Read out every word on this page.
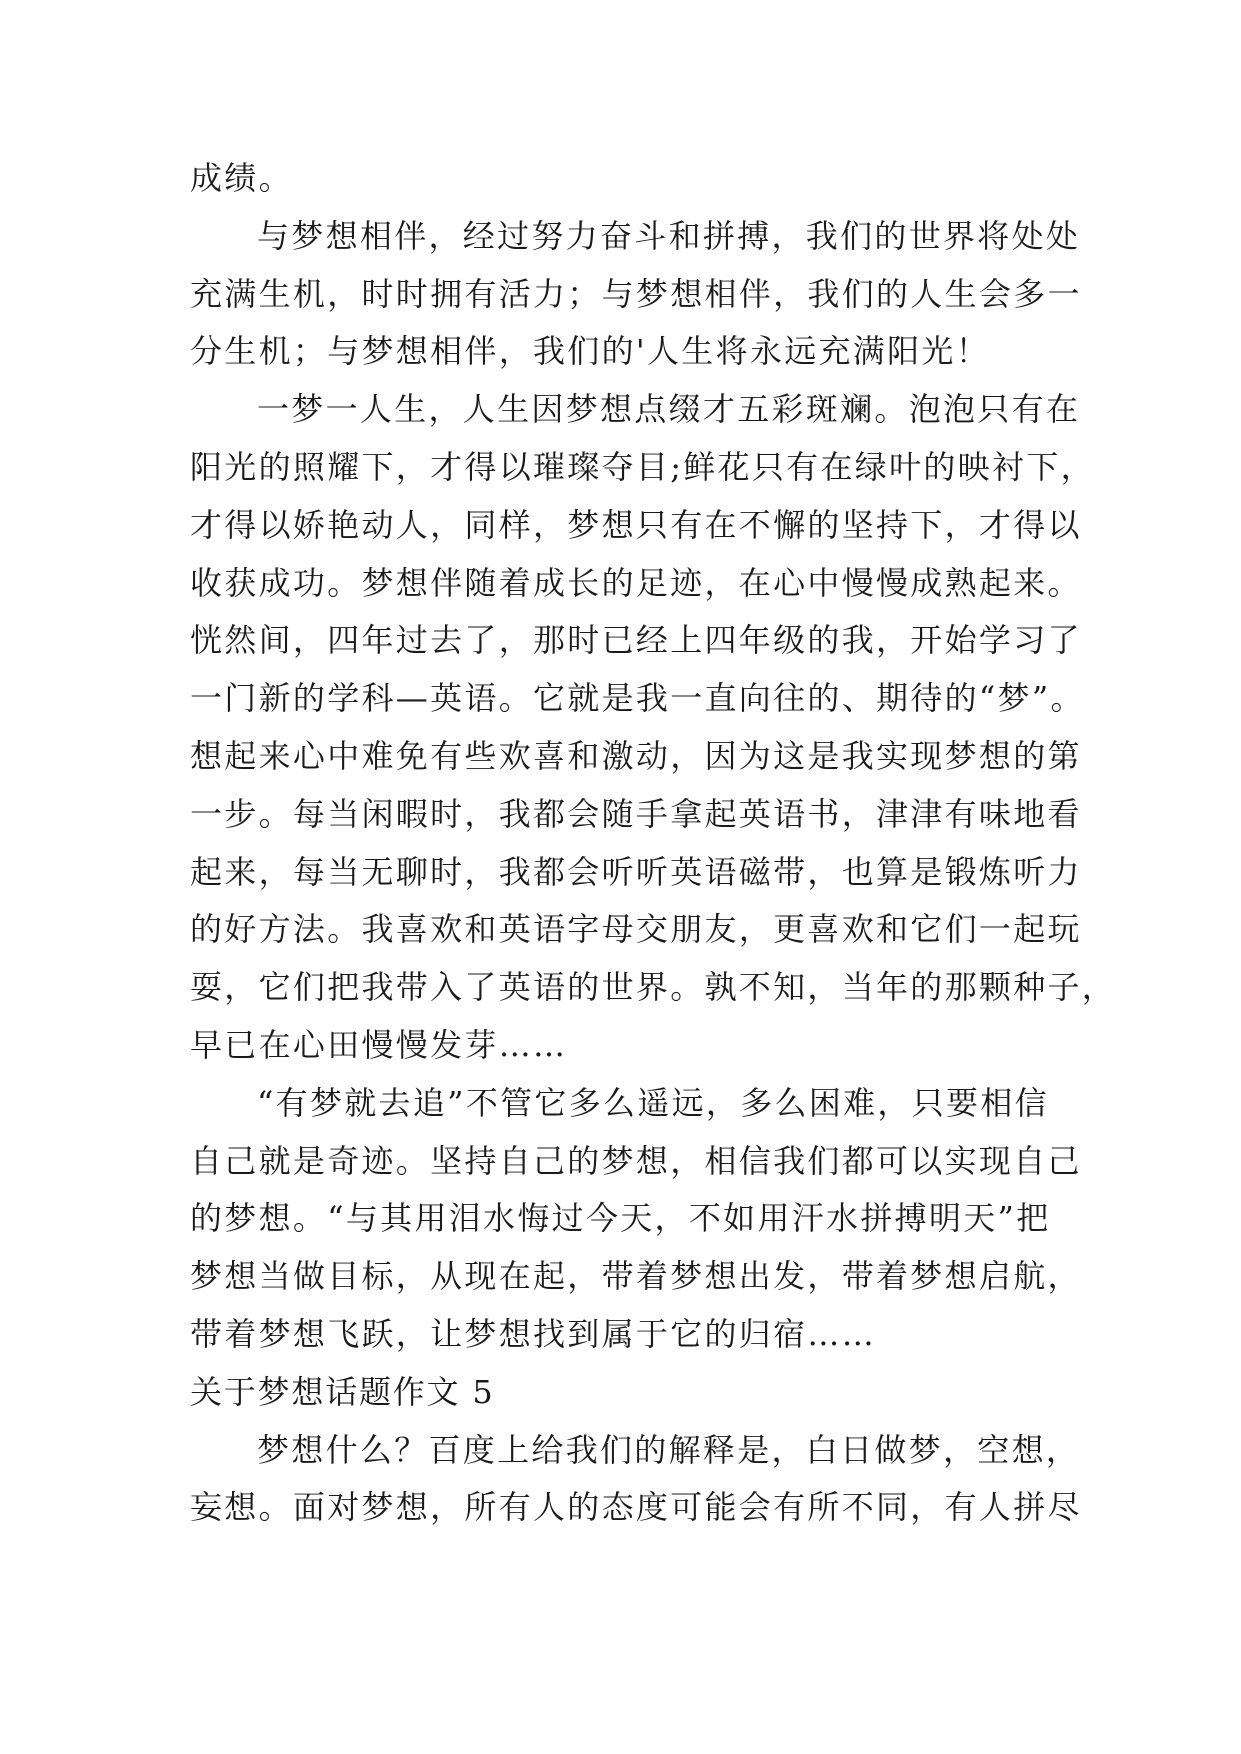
成绩。
与梦想相伴，经过努力奋斗和拼搏，我们的世界将处处
充满生机，时时拥有活力；与梦想相伴，我们的人生会多一
分生机；与梦想相伴，我们的'人生将永远充满阳光！
一梦一人生，人生因梦想点缀才五彩斑斓。泡泡只有在
阳光的照耀下，才得以璀璨夺目;鲜花只有在绿叶的映衬下，
才得以娇艳动人，同样，梦想只有在不懈的坚持下，才得以
收获成功。梦想伴随着成长的足迹，在心中慢慢成熟起来。
恍然间，四年过去了，那时已经上四年级的我，开始学习了
一门新的学科—英语。它就是我一直向往的、期待的“梦”。
想起来心中难免有些欢喜和激动，因为这是我实现梦想的第
一步。每当闲暇时，我都会随手拿起英语书，津津有味地看
起来，每当无聊时，我都会听听英语磁带，也算是锻炼听力
的好方法。我喜欢和英语字母交朋友，更喜欢和它们一起玩
耍，它们把我带入了英语的世界。孰不知，当年的那颗种子，
早已在心田慢慢发芽……
“有梦就去追”不管它多么遥远，多么困难，只要相信
自己就是奇迹。坚持自己的梦想，相信我们都可以实现自己
的梦想。“与其用泪水悔过今天，不如用汗水拼搏明天”把
梦想当做目标，从现在起，带着梦想出发，带着梦想启航，
带着梦想飞跃，让梦想找到属于它的归宿……
关于梦想话题作文 5
梦想什么？百度上给我们的解释是，白日做梦，空想，
妄想。面对梦想，所有人的态度可能会有所不同，有人拼尽
